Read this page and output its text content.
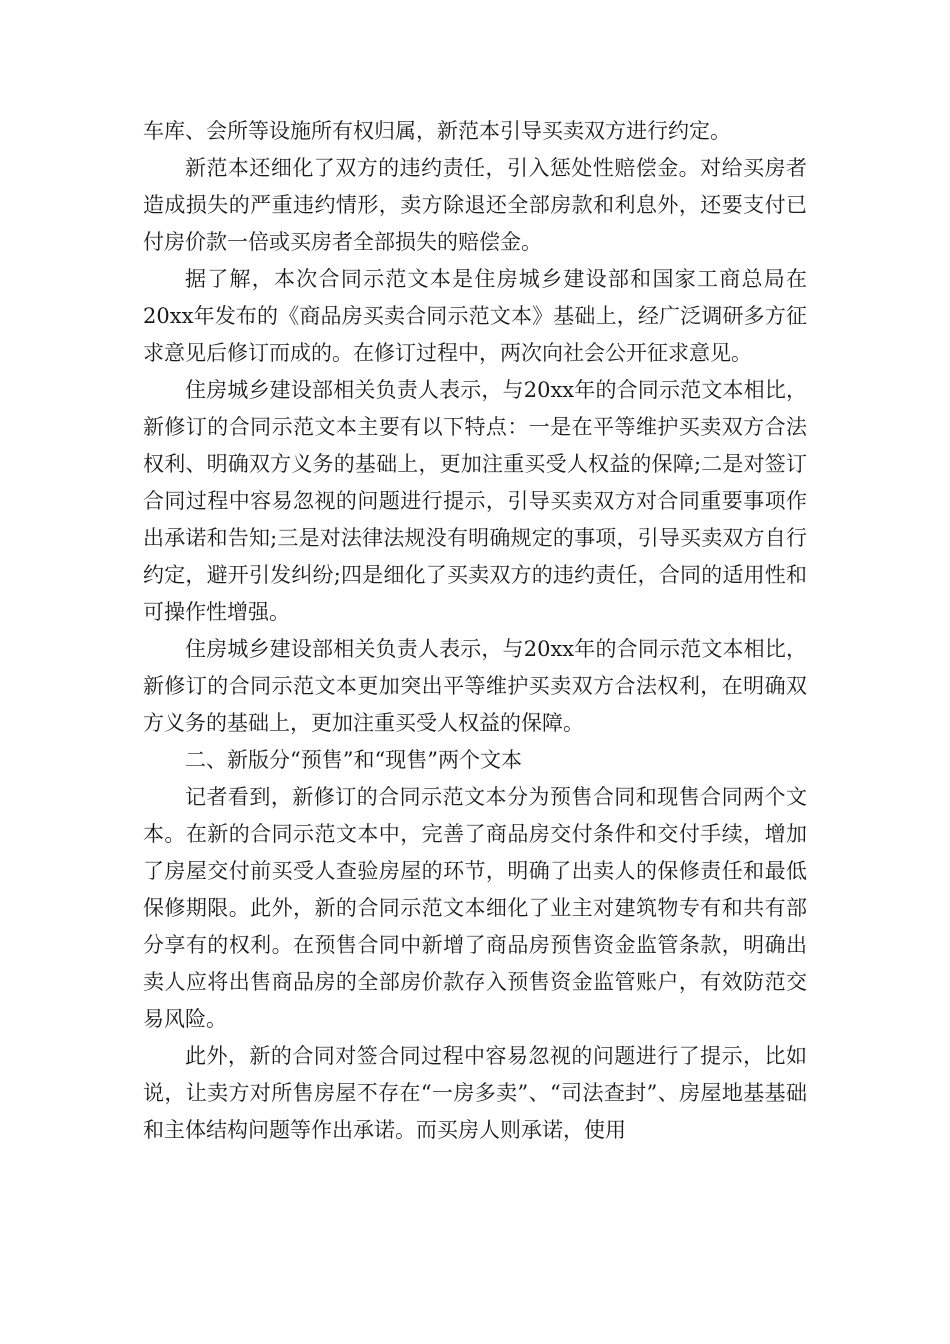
车库、会所等设施所有权归属，新范本引导买卖双方进行约定。

新范本还细化了双方的违约责任，引入惩处性赔偿金。对给买房者造成损失的严重违约情形，卖方除退还全部房款和利息外，还要支付已付房价款一倍或买房者全部损失的赔偿金。

据了解，本次合同示范文本是住房城乡建设部和国家工商总局在20xx年发布的《商品房买卖合同示范文本》基础上，经广泛调研多方征求意见后修订而成的。在修订过程中，两次向社会公开征求意见。

住房城乡建设部相关负责人表示，与20xx年的合同示范文本相比，新修订的合同示范文本主要有以下特点：一是在平等维护买卖双方合法权利、明确双方义务的基础上，更加注重买受人权益的保障;二是对签订合同过程中容易忽视的问题进行提示，引导买卖双方对合同重要事项作出承诺和告知;三是对法律法规没有明确规定的事项，引导买卖双方自行约定，避开引发纠纷;四是细化了买卖双方的违约责任，合同的适用性和可操作性增强。

住房城乡建设部相关负责人表示，与20xx年的合同示范文本相比，新修订的合同示范文本更加突出平等维护买卖双方合法权利，在明确双方义务的基础上，更加注重买受人权益的保障。

二、新版分“预售”和“现售”两个文本

记者看到，新修订的合同示范文本分为预售合同和现售合同两个文本。在新的合同示范文本中，完善了商品房交付条件和交付手续，增加了房屋交付前买受人查验房屋的环节，明确了出卖人的保修责任和最低保修期限。此外，新的合同示范文本细化了业主对建筑物专有和共有部分享有的权利。在预售合同中新增了商品房预售资金监管条款，明确出卖人应将出售商品房的全部房价款存入预售资金监管账户，有效防范交易风险。

此外，新的合同对签合同过程中容易忽视的问题进行了提示，比如说，让卖方对所售房屋不存在“一房多卖”、“司法查封”、房屋地基基础和主体结构问题等作出承诺。而买房人则承诺，使用
